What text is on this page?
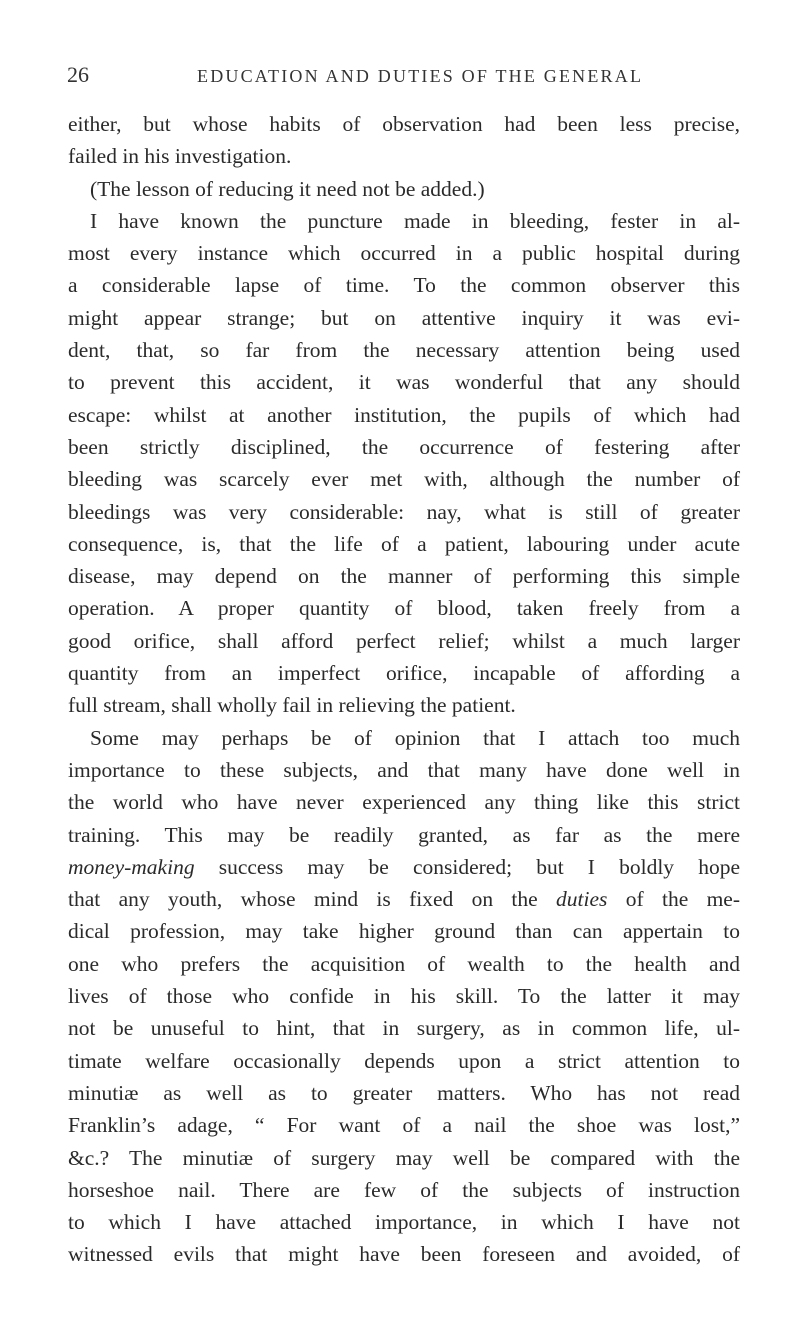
26	EDUCATION AND DUTIES OF THE GENERAL
either, but whose habits of observation had been less precise,
failed in his investigation.
(The lesson of reducing it need not be added.)
I have known the puncture made in bleeding, fester in al-
most every instance which occurred in a public hospital during
a considerable lapse of time. To the common observer this
might appear strange; but on attentive inquiry it was evi-
dent, that, so far from the necessary attention being used
to prevent this accident, it was wonderful that any should
escape: whilst at another institution, the pupils of which had
been strictly disciplined, the occurrence of festering after
bleeding was scarcely ever met with, although the number of
bleedings was very considerable: nay, what is still of greater
consequence, is, that the life of a patient, labouring under acute
disease, may depend on the manner of performing this simple
operation. A proper quantity of blood, taken freely from a
good orifice, shall afford perfect relief; whilst a much larger
quantity from an imperfect orifice, incapable of affording a
full stream, shall wholly fail in relieving the patient.
Some may perhaps be of opinion that I attach too much
importance to these subjects, and that many have done well in
the world who have never experienced any thing like this strict
training. This may be readily granted, as far as the mere
money-making success may be considered; but I boldly hope
that any youth, whose mind is fixed on the duties of the me-
dical profession, may take higher ground than can appertain to
one who prefers the acquisition of wealth to the health and
lives of those who confide in his skill. To the latter it may
not be unuseful to hint, that in surgery, as in common life, ul-
timate welfare occasionally depends upon a strict attention to
minutiæ as well as to greater matters. Who has not read
Franklin’s adage, “ For want of a nail the shoe was lost,”
&c.? The minutiæ of surgery may well be compared with the
horseshoe nail. There are few of the subjects of instruction
to which I have attached importance, in which I have not
witnessed evils that might have been foreseen and avoided, of
